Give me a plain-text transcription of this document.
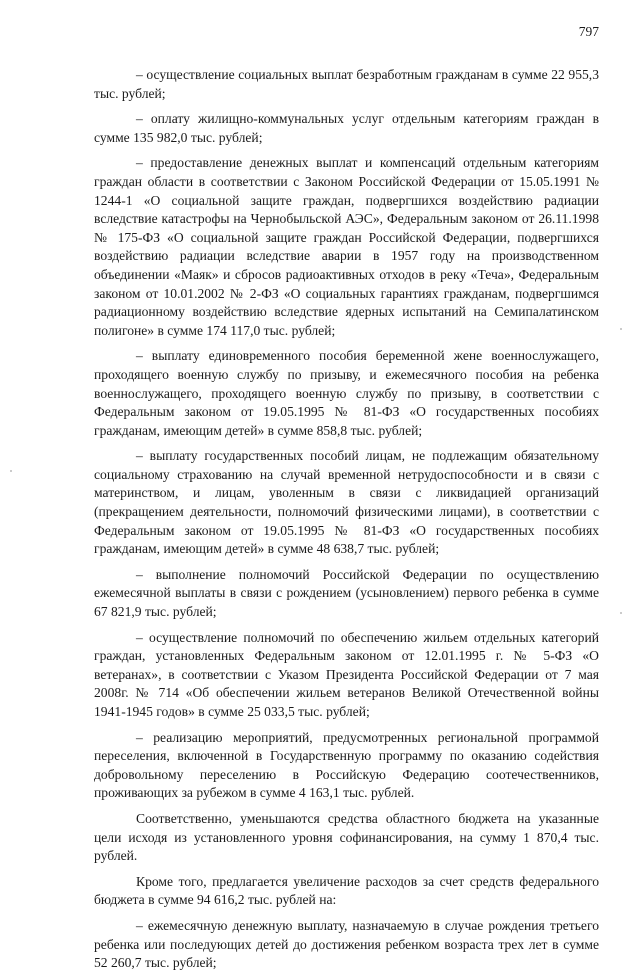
797

– осуществление социальных выплат безработным гражданам в сумме 22 955,3 тыс. рублей;

– оплату жилищно-коммунальных услуг отдельным категориям граждан в сумме 135 982,0 тыс. рублей;

– предоставление денежных выплат и компенсаций отдельным категориям граждан области в соответствии с Законом Российской Федерации от 15.05.1991 № 1244-1 «О социальной защите граждан, подвергшихся воздействию радиации вследствие катастрофы на Чернобыльской АЭС», Федеральным законом от 26.11.1998 № 175-ФЗ «О социальной защите граждан Российской Федерации, подвергшихся воздействию радиации вследствие аварии в 1957 году на производственном объединении «Маяк» и сбросов радиоактивных отходов в реку «Теча», Федеральным законом от 10.01.2002 № 2-ФЗ «О социальных гарантиях гражданам, подвергшимся радиационному воздействию вследствие ядерных испытаний на Семипалатинском полигоне» в сумме 174 117,0 тыс. рублей;

– выплату единовременного пособия беременной жене военнослужащего, проходящего военную службу по призыву, и ежемесячного пособия на ребенка военнослужащего, проходящего военную службу по призыву, в соответствии с Федеральным законом от 19.05.1995 № 81-ФЗ «О государственных пособиях гражданам, имеющим детей» в сумме 858,8 тыс. рублей;

– выплату государственных пособий лицам, не подлежащим обязательному социальному страхованию на случай временной нетрудоспособности и в связи с материнством, и лицам, уволенным в связи с ликвидацией организаций (прекращением деятельности, полномочий физическими лицами), в соответствии с Федеральным законом от 19.05.1995 № 81-ФЗ «О государственных пособиях гражданам, имеющим детей» в сумме 48 638,7 тыс. рублей;

– выполнение полномочий Российской Федерации по осуществлению ежемесячной выплаты в связи с рождением (усыновлением) первого ребенка в сумме 67 821,9 тыс. рублей;

– осуществление полномочий по обеспечению жильем отдельных категорий граждан, установленных Федеральным законом от 12.01.1995 г. № 5-ФЗ «О ветеранах», в соответствии с Указом Президента Российской Федерации от 7 мая 2008г. № 714 «Об обеспечении жильем ветеранов Великой Отечественной войны 1941-1945 годов» в сумме 25 033,5 тыс. рублей;

– реализацию мероприятий, предусмотренных региональной программой переселения, включенной в Государственную программу по оказанию содействия добровольному переселению в Российскую Федерацию соотечественников, проживающих за рубежом в сумме 4 163,1 тыс. рублей.

Соответственно, уменьшаются средства областного бюджета на указанные цели исходя из установленного уровня софинансирования, на сумму 1 870,4 тыс. рублей.

Кроме того, предлагается увеличение расходов за счет средств федерального бюджета в сумме 94 616,2 тыс. рублей на:

– ежемесячную денежную выплату, назначаемую в случае рождения третьего ребенка или последующих детей до достижения ребенком возраста трех лет в сумме 52 260,7 тыс. рублей;
